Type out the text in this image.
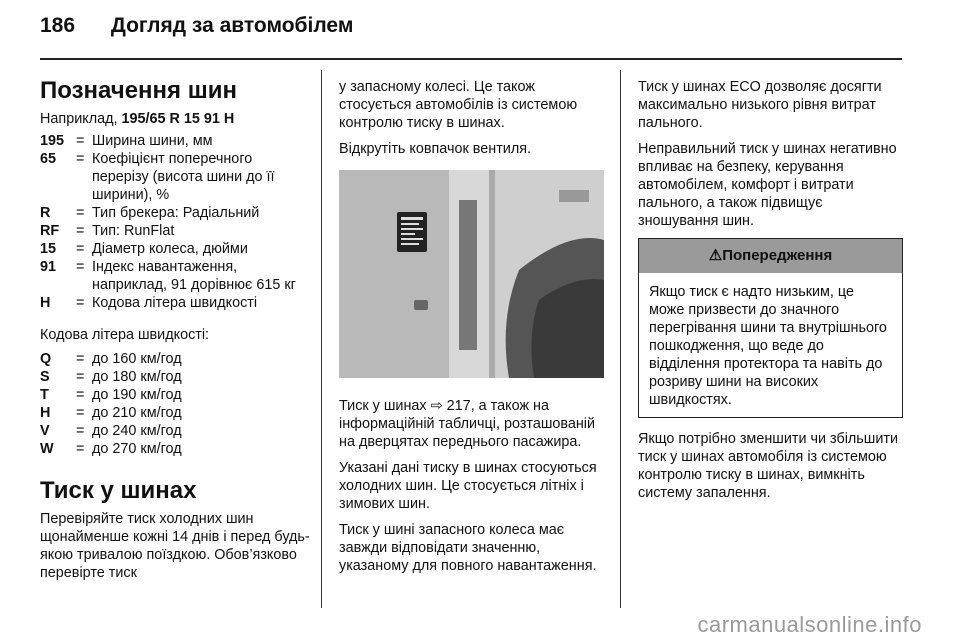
186 Догляд за автомобілем
Позначення шин

Наприклад, 195/65 R 15 91 H

195 = Ширина шини, мм
65	= Коефіцієнт поперечного перерізу (висота шини до її ширини), %
R	= Тип брекера: Радіальний
RF	= Тип: RunFlat
15	= Діаметр колеса, дюйми
91	= Індекс навантаження, наприклад, 91 дорівнює 615 кг
H	= Кодова літера швидкості

Кодова літера швидкості:

Q	= до 160 км/год
S	= до 180 км/год
T	= до 190 км/год
H	= до 210 км/год
V	= до 240 км/год
W	= до 270 км/год
Тиск у шинах

Перевіряйте тиск холодних шин щонайменше кожні 14 днів і перед будь-якою тривалою поїздкою. Обов’язково перевірте тиск

у запасному колесі. Це також стосується автомобілів із системою контролю тиску в шинах.

Відкрутіть ковпачок вентиля.

Тиск у шинах ⇨ 217, а також на інформаційній табличці, розташованій на дверцятах переднього пасажира.

Указані дані тиску в шинах стосуються холодних шин. Це стосується літніх і зимових шин.

Тиск у шині запасного колеса має завжди відповідати значенню, указаному для повного навантаження.

Тиск у шинах ECO дозволяє досягти максимально низького рівня витрат пального.

Неправильний тиск у шинах негативно впливає на безпеку, керування автомобілем, комфорт і витрати пального, а також підвищує зношування шин.

⚠Попередження
Якщо тиск є надто низьким, це може призвести до значного перегрівання шини та внутрішнього пошкодження, що веде до відділення протектора та навіть до розриву шини на високих швидкостях.

Якщо потрібно зменшити чи збільшити тиск у шинах автомобіля із системою контролю тиску в шинах, вимкніть систему запалення.

carmanualsonline.info
